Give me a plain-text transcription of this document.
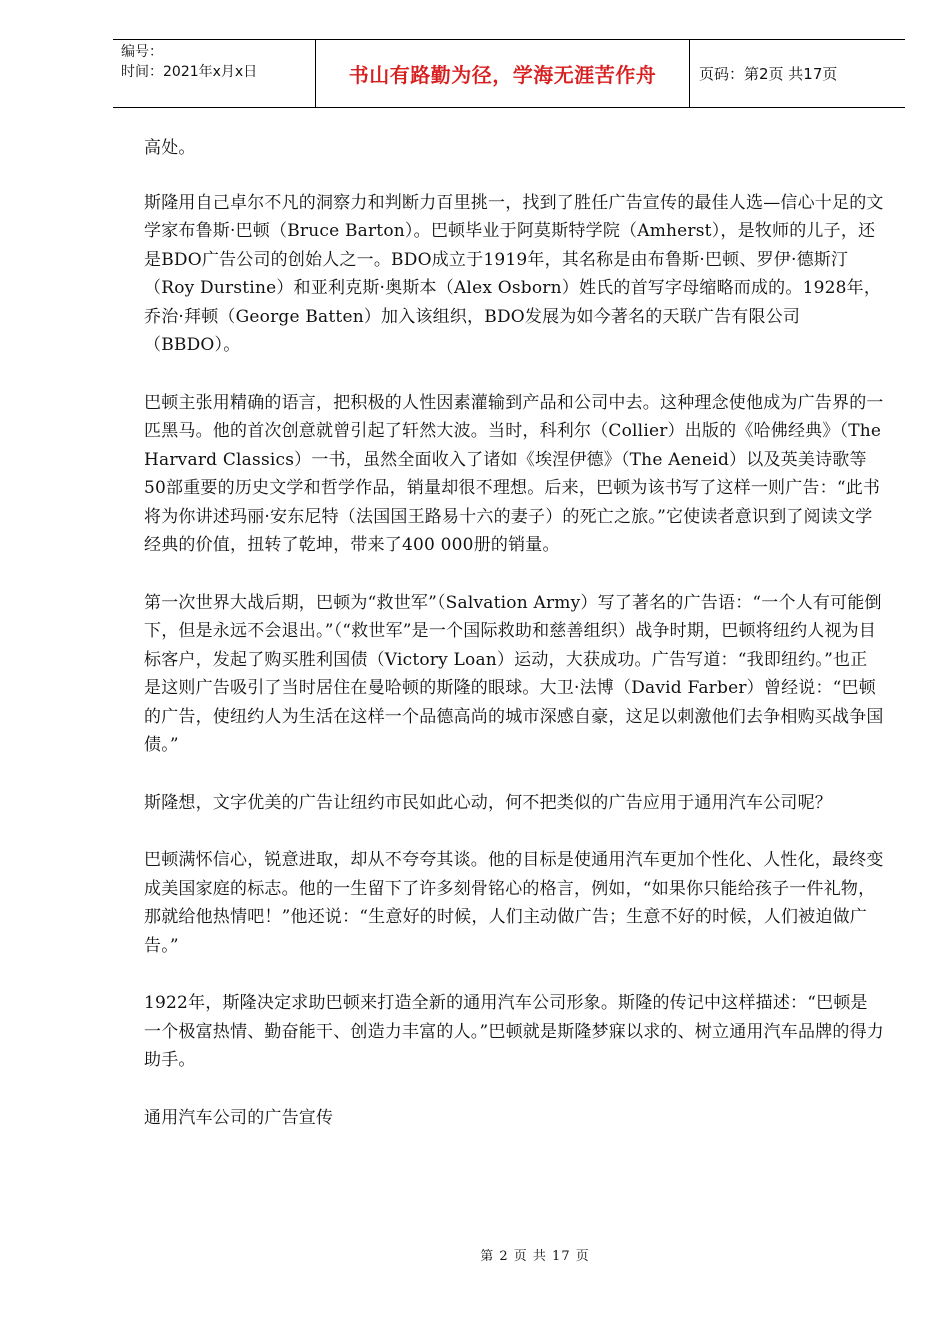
编号：
时间：2021年x月x日	书山有路勤为径，学海无涯苦作舟	页码：第2页 共17页

高处。

斯隆用自己卓尔不凡的洞察力和判断力百里挑一，找到了胜任广告宣传的最佳人选—信心十足的文学家布鲁斯·巴顿（Bruce Barton）。巴顿毕业于阿莫斯特学院（Amherst），是牧师的儿子，还是BDO广告公司的创始人之一。BDO成立于1919年，其名称是由布鲁斯·巴顿、罗伊·德斯汀（Roy Durstine）和亚利克斯·奥斯本（Alex Osborn）姓氏的首写字母缩略而成的。1928年，乔治·拜顿（George Batten）加入该组织，BDO发展为如今著名的天联广告有限公司（BBDO）。

巴顿主张用精确的语言，把积极的人性因素灌输到产品和公司中去。这种理念使他成为广告界的一匹黑马。他的首次创意就曾引起了轩然大波。当时，科利尔（Collier）出版的《哈佛经典》（The Harvard Classics）一书，虽然全面收入了诸如《埃涅伊德》（The Aeneid）以及英美诗歌等50部重要的历史文学和哲学作品，销量却很不理想。后来，巴顿为该书写了这样一则广告：“此书将为你讲述玛丽·安东尼特（法国国王路易十六的妻子）的死亡之旅。”它使读者意识到了阅读文学经典的价值，扭转了乾坤，带来了400 000册的销量。

第一次世界大战后期，巴顿为“救世军”（Salvation Army）写了著名的广告语：“一个人有可能倒下，但是永远不会退出。”（“救世军”是一个国际救助和慈善组织）战争时期，巴顿将纽约人视为目标客户，发起了购买胜利国债（Victory Loan）运动，大获成功。广告写道：“我即纽约。”也正是这则广告吸引了当时居住在曼哈顿的斯隆的眼球。大卫·法博（David Farber）曾经说：“巴顿的广告，使纽约人为生活在这样一个品德高尚的城市深感自豪，这足以刺激他们去争相购买战争国债。”

斯隆想，文字优美的广告让纽约市民如此心动，何不把类似的广告应用于通用汽车公司呢？

巴顿满怀信心，锐意进取，却从不夸夸其谈。他的目标是使通用汽车更加个性化、人性化，最终变成美国家庭的标志。他的一生留下了许多刻骨铭心的格言，例如，“如果你只能给孩子一件礼物，那就给他热情吧！”他还说：“生意好的时候，人们主动做广告；生意不好的时候，人们被迫做广告。”

1922年，斯隆决定求助巴顿来打造全新的通用汽车公司形象。斯隆的传记中这样描述：“巴顿是一个极富热情、勤奋能干、创造力丰富的人。”巴顿就是斯隆梦寐以求的、树立通用汽车品牌的得力助手。

通用汽车公司的广告宣传

第 2 页 共 17 页
